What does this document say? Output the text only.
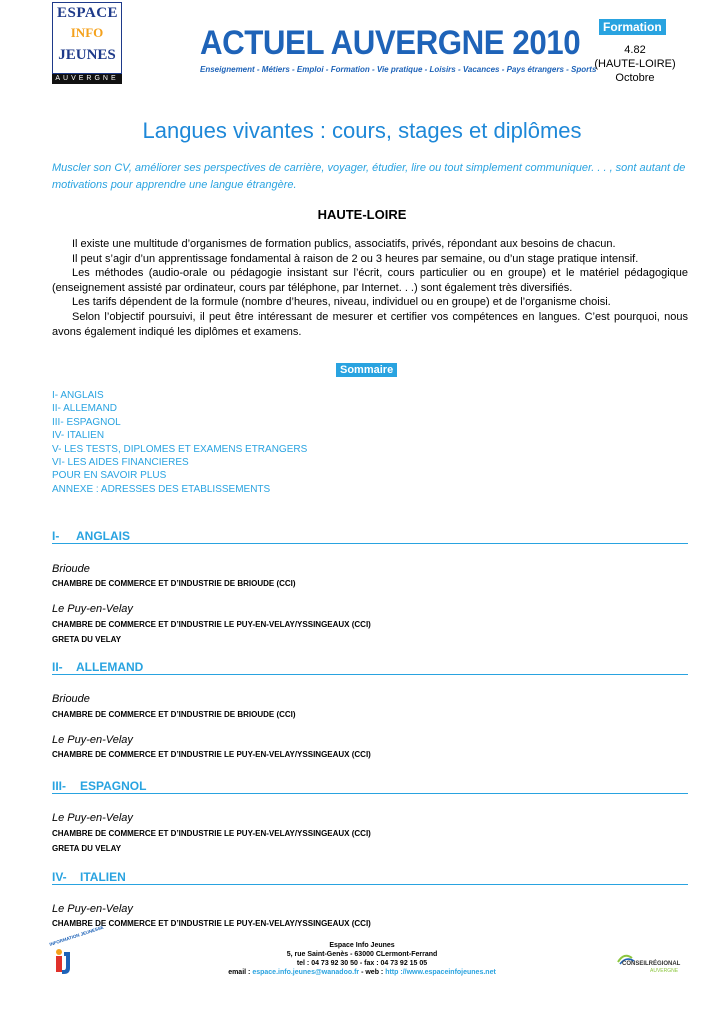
ESPACE
INFO
JEUNES
AUVERGNE
ACTUEL AUVERGNE 2010
Enseignement - Métiers - Emploi - Formation - Vie pratique - Loisirs - Vacances - Pays étrangers - Sports
Formation
4.82
(HAUTE-LOIRE)
Octobre
Langues vivantes : cours, stages et diplômes
Muscler son CV, améliorer ses perspectives de carrière, voyager, étudier, lire ou tout simplement communiquer. . . , sont autant de motivations pour apprendre une langue étrangère.
HAUTE-LOIRE

Il existe une multitude d’organismes de formation publics, associatifs, privés, répondant aux besoins de chacun.

Il peut s’agir d’un apprentissage fondamental à raison de 2 ou 3 heures par semaine, ou d’un stage pratique intensif.

Les méthodes (audio-orale ou pédagogie insistant sur l’écrit, cours particulier ou en groupe) et le matériel pédagogique (enseignement assisté par ordinateur, cours par téléphone, par Internet. . .) sont également très diversifiés.

Les tarifs dépendent de la formule (nombre d’heures, niveau, individuel ou en groupe) et de l’organisme choisi.

Selon l’objectif poursuivi, il peut être intéressant de mesurer et certifier vos compétences en langues. C’est pourquoi, nous avons également indiqué les diplômes et examens.

Sommaire
I- ANGLAIS
II- ALLEMAND
III- ESPAGNOL
IV- ITALIEN
V- LES TESTS, DIPLOMES ET EXAMENS ETRANGERS
VI- LES AIDES FINANCIERES
POUR EN SAVOIR PLUS
ANNEXE : ADRESSES DES ETABLISSEMENTS
I- ANGLAIS
Brioude
CHAMBRE DE COMMERCE ET D’INDUSTRIE DE BRIOUDE (CCI)
Le Puy-en-Velay
CHAMBRE DE COMMERCE ET D’INDUSTRIE LE PUY-EN-VELAY/YSSINGEAUX (CCI)
GRETA DU VELAY
II- ALLEMAND
Brioude
CHAMBRE DE COMMERCE ET D’INDUSTRIE DE BRIOUDE (CCI)
Le Puy-en-Velay
CHAMBRE DE COMMERCE ET D’INDUSTRIE LE PUY-EN-VELAY/YSSINGEAUX (CCI)
III- ESPAGNOL
Le Puy-en-Velay
CHAMBRE DE COMMERCE ET D’INDUSTRIE LE PUY-EN-VELAY/YSSINGEAUX (CCI)
GRETA DU VELAY
IV- ITALIEN
Le Puy-en-Velay
CHAMBRE DE COMMERCE ET D’INDUSTRIE LE PUY-EN-VELAY/YSSINGEAUX (CCI)
INFORMATION JEUNESSE	Espace Info Jeunes
5, rue Saint-Genès - 63000 CLermont-Ferrand
tel : 04 73 92 30 50 - fax : 04 73 92 15 05
email : espace.info.jeunes@wanadoo.fr - web : http ://www.espaceinfojeunes.net
CONSEILRÉGIONAL
AUVERGNE
